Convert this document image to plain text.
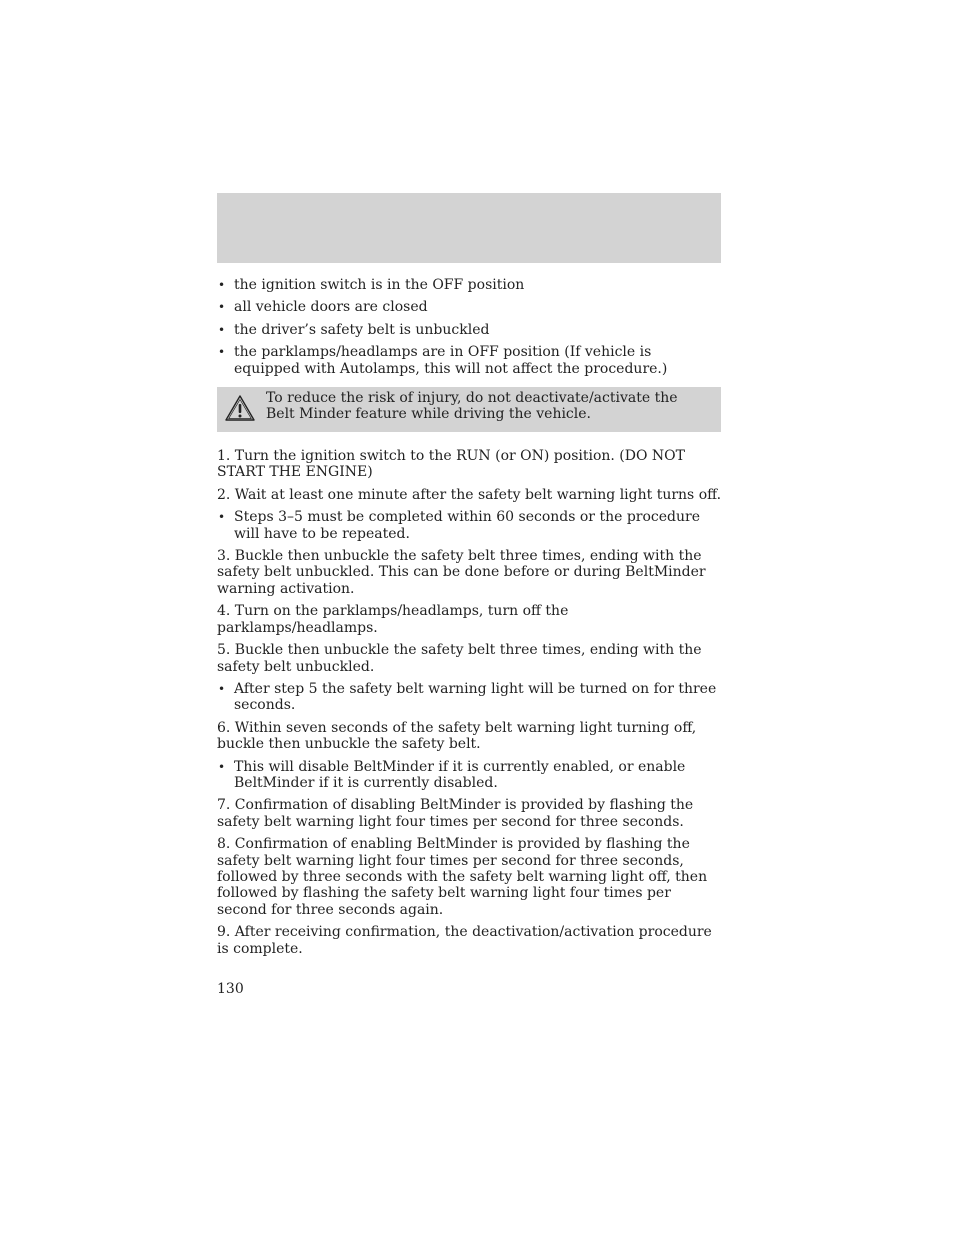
• the ignition switch is in the OFF position
• all vehicle doors are closed
• the driver’s safety belt is unbuckled
• the parklamps/headlamps are in OFF position (If vehicle is equipped with Autolamps, this will not affect the procedure.)
To reduce the risk of injury, do not deactivate/activate the Belt Minder feature while driving the vehicle.

1. Turn the ignition switch to the RUN (or ON) position. (DO NOT START THE ENGINE)

2. Wait at least one minute after the safety belt warning light turns off.

• Steps 3–5 must be completed within 60 seconds or the procedure will have to be repeated.

3. Buckle then unbuckle the safety belt three times, ending with the safety belt unbuckled. This can be done before or during BeltMinder warning activation.

4. Turn on the parklamps/headlamps, turn off the parklamps/headlamps.

5. Buckle then unbuckle the safety belt three times, ending with the safety belt unbuckled.

• After step 5 the safety belt warning light will be turned on for three seconds.

6. Within seven seconds of the safety belt warning light turning off, buckle then unbuckle the safety belt.

• This will disable BeltMinder if it is currently enabled, or enable BeltMinder if it is currently disabled.

7. Confirmation of disabling BeltMinder is provided by flashing the safety belt warning light four times per second for three seconds.

8. Confirmation of enabling BeltMinder is provided by flashing the safety belt warning light four times per second for three seconds, followed by three seconds with the safety belt warning light off, then followed by flashing the safety belt warning light four times per second for three seconds again.

9. After receiving confirmation, the deactivation/activation procedure is complete.

130
